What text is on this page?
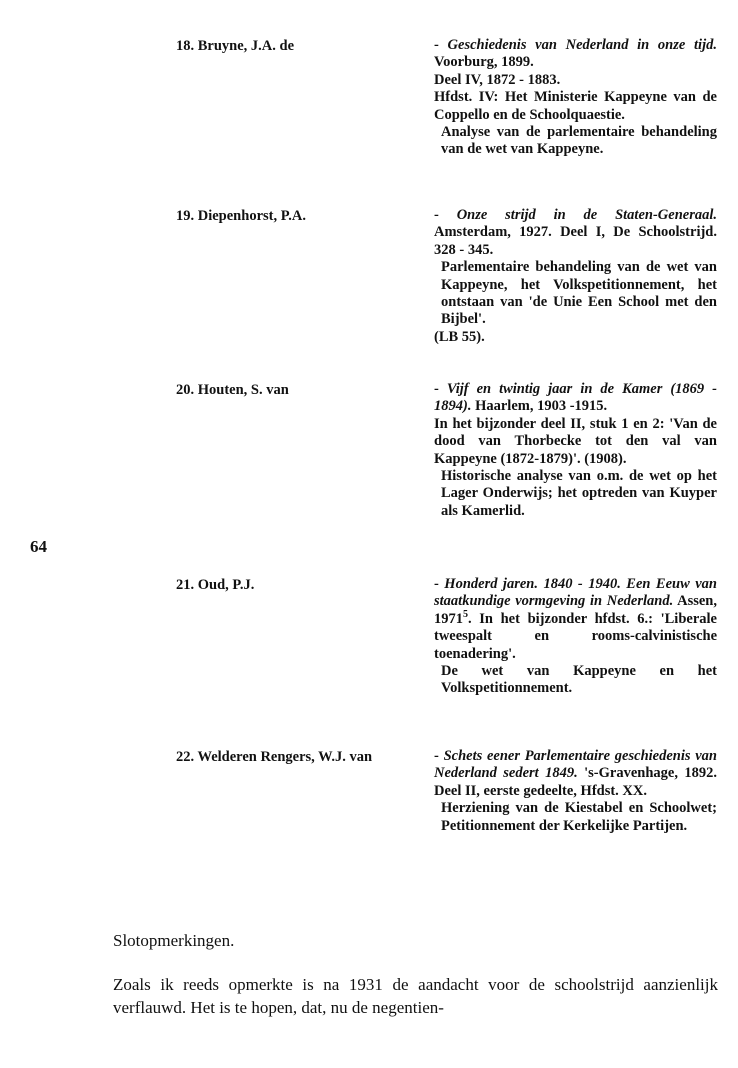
64
18. Bruyne, J.A. de	- Geschiedenis van Nederland in onze tijd. Voorburg, 1899.
Deel IV, 1872 - 1883.
Hfdst. IV: Het Ministerie Kappeyne van de Coppello en de Schoolquaestie.
Analyse van de parlementaire behandeling van de wet van Kappeyne.
19. Diepenhorst, P.A.	- Onze strijd in de Staten-Generaal. Amsterdam, 1927. Deel I, De Schoolstrijd. 328 - 345.
Parlementaire behandeling van de wet van Kappeyne, het Volkspetitionnement, het ontstaan van 'de Unie Een School met den Bijbel'.
(LB 55).
20. Houten, S. van	- Vijf en twintig jaar in de Kamer (1869 - 1894). Haarlem, 1903 -1915.
In het bijzonder deel II, stuk 1 en 2: 'Van de dood van Thorbecke tot den val van Kappeyne (1872-1879)'. (1908).
Historische analyse van o.m. de wet op het Lager Onderwijs; het optreden van Kuyper als Kamerlid.
21. Oud, P.J.	- Honderd jaren. 1840 - 1940. Een Eeuw van staatkundige vormgeving in Nederland. Assen, 1971$^5$. In het bijzonder hfdst. 6.: 'Liberale tweespalt en rooms-calvinistische toenadering'.
De wet van Kappeyne en het Volkspetitionnement.
22. Welderen Rengers, W.J. van	- Schets eener Parlementaire geschiedenis van Nederland sedert 1849. 's-Gravenhage, 1892. Deel II, eerste gedeelte, Hfdst. XX.
Herziening van de Kiestabel en Schoolwet; Petitionnement der Kerkelijke Partijen.
Slotopmerkingen.
Zoals ik reeds opmerkte is na 1931 de aandacht voor de schoolstrijd aanzienlijk verflauwd. Het is te hopen, dat, nu de negentien-
